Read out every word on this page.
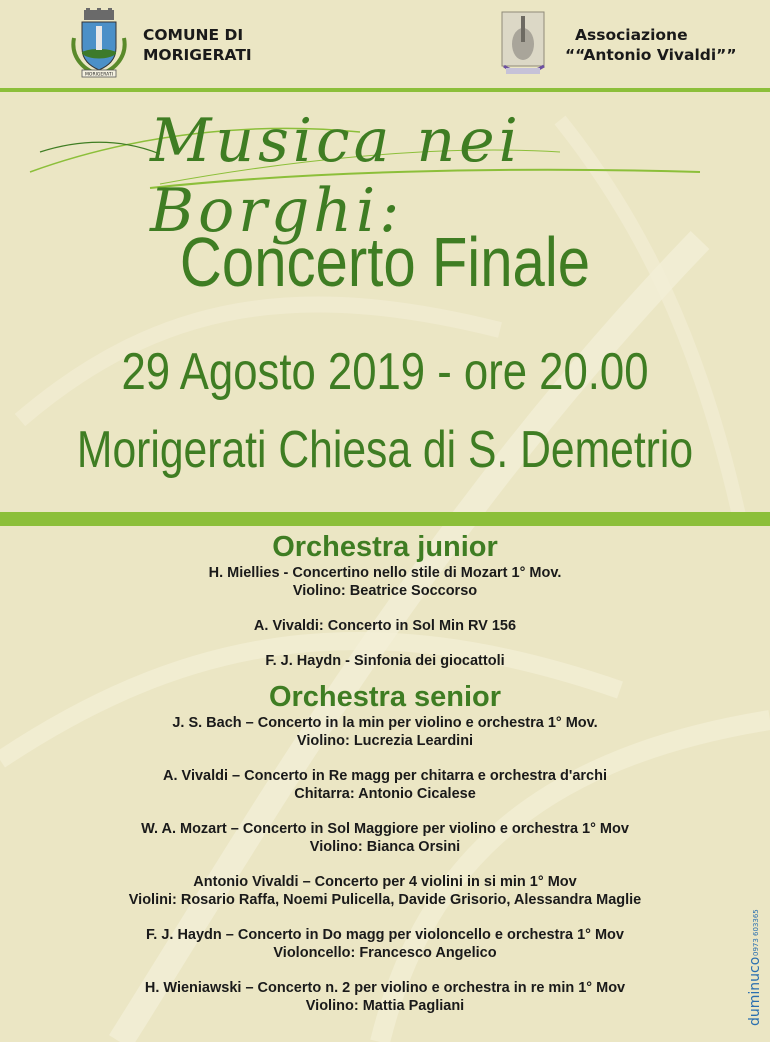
MORIGERATI
COMUNE DI
MORIGERATI
Associazione
““Antonio Vivaldi””
Musica nei Borghi:
Concerto Finale
29 Agosto 2019 - ore 20.00
Morigerati Chiesa di S. Demetrio
Orchestra junior
H. Miellies - Concertino nello stile di Mozart 1° Mov.
Violino: Beatrice Soccorso
A. Vivaldi: Concerto in Sol Min RV 156
F. J. Haydn - Sinfonia dei giocattoli
Orchestra senior
J. S. Bach – Concerto in la min per violino e orchestra 1° Mov.
Violino: Lucrezia Leardini
A. Vivaldi – Concerto in Re magg per chitarra e orchestra d'archi
Chitarra: Antonio Cicalese
W. A. Mozart – Concerto in Sol Maggiore per violino e orchestra 1° Mov
Violino: Bianca Orsini
Antonio Vivaldi – Concerto per 4 violini in si min 1° Mov
Violini: Rosario Raffa, Noemi Pulicella, Davide Grisorio, Alessandra Maglie
F. J. Haydn – Concerto in Do magg per violoncello e orchestra 1° Mov
Violoncello: Francesco Angelico
H. Wieniawski – Concerto n. 2 per violino e orchestra in re min 1° Mov
Violino: Mattia Pagliani	duminuco
0973 603365
